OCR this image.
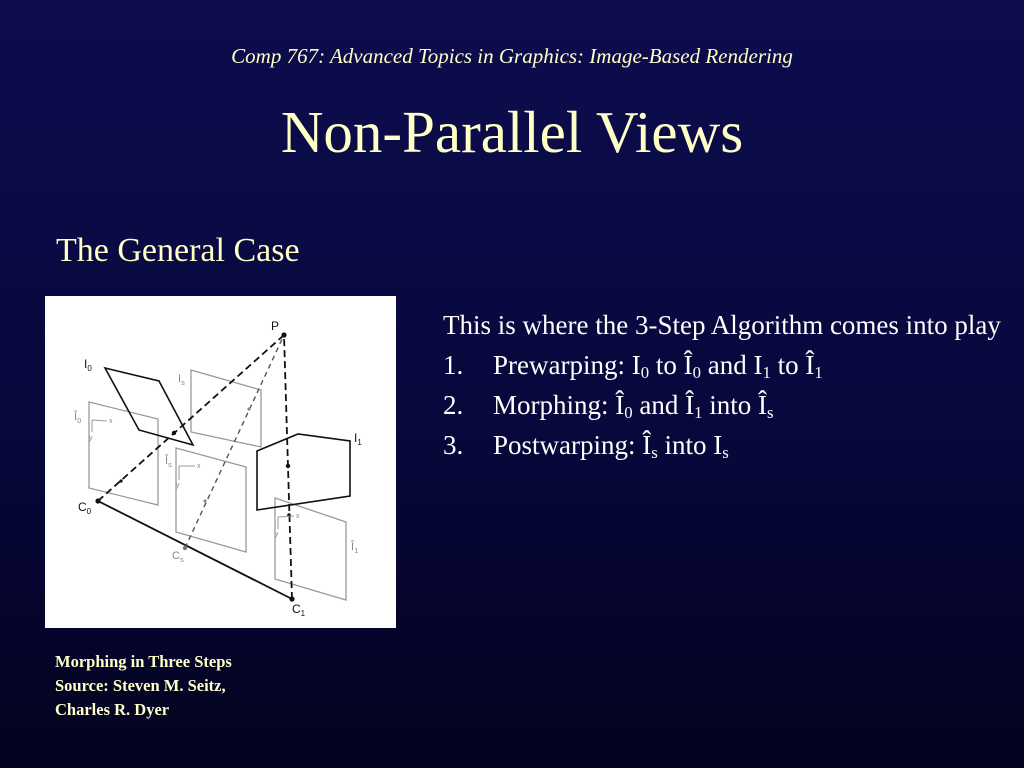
Comp 767: Advanced Topics in Graphics: Image-Based Rendering
Non-Parallel Views
The General Case
P
$I_0$
$I_1$
$C_0$
$C_1$
$I_s$
$Î_0$
$Î_s$
$Î_1$
$C_s$
x
y
x
y
x
y
Morphing in Three Steps
Source: Steven M. Seitz,
Charles R. Dyer
This is where the 3-Step Algorithm comes into play
1.	Prewarping: $I_0$ to $Î_0$ and $I_1$ to $Î_1$
2.	Morphing: $Î_0$ and $Î_1$ into $Î_s$
3.	Postwarping: $Î_s$ into $I_s$
